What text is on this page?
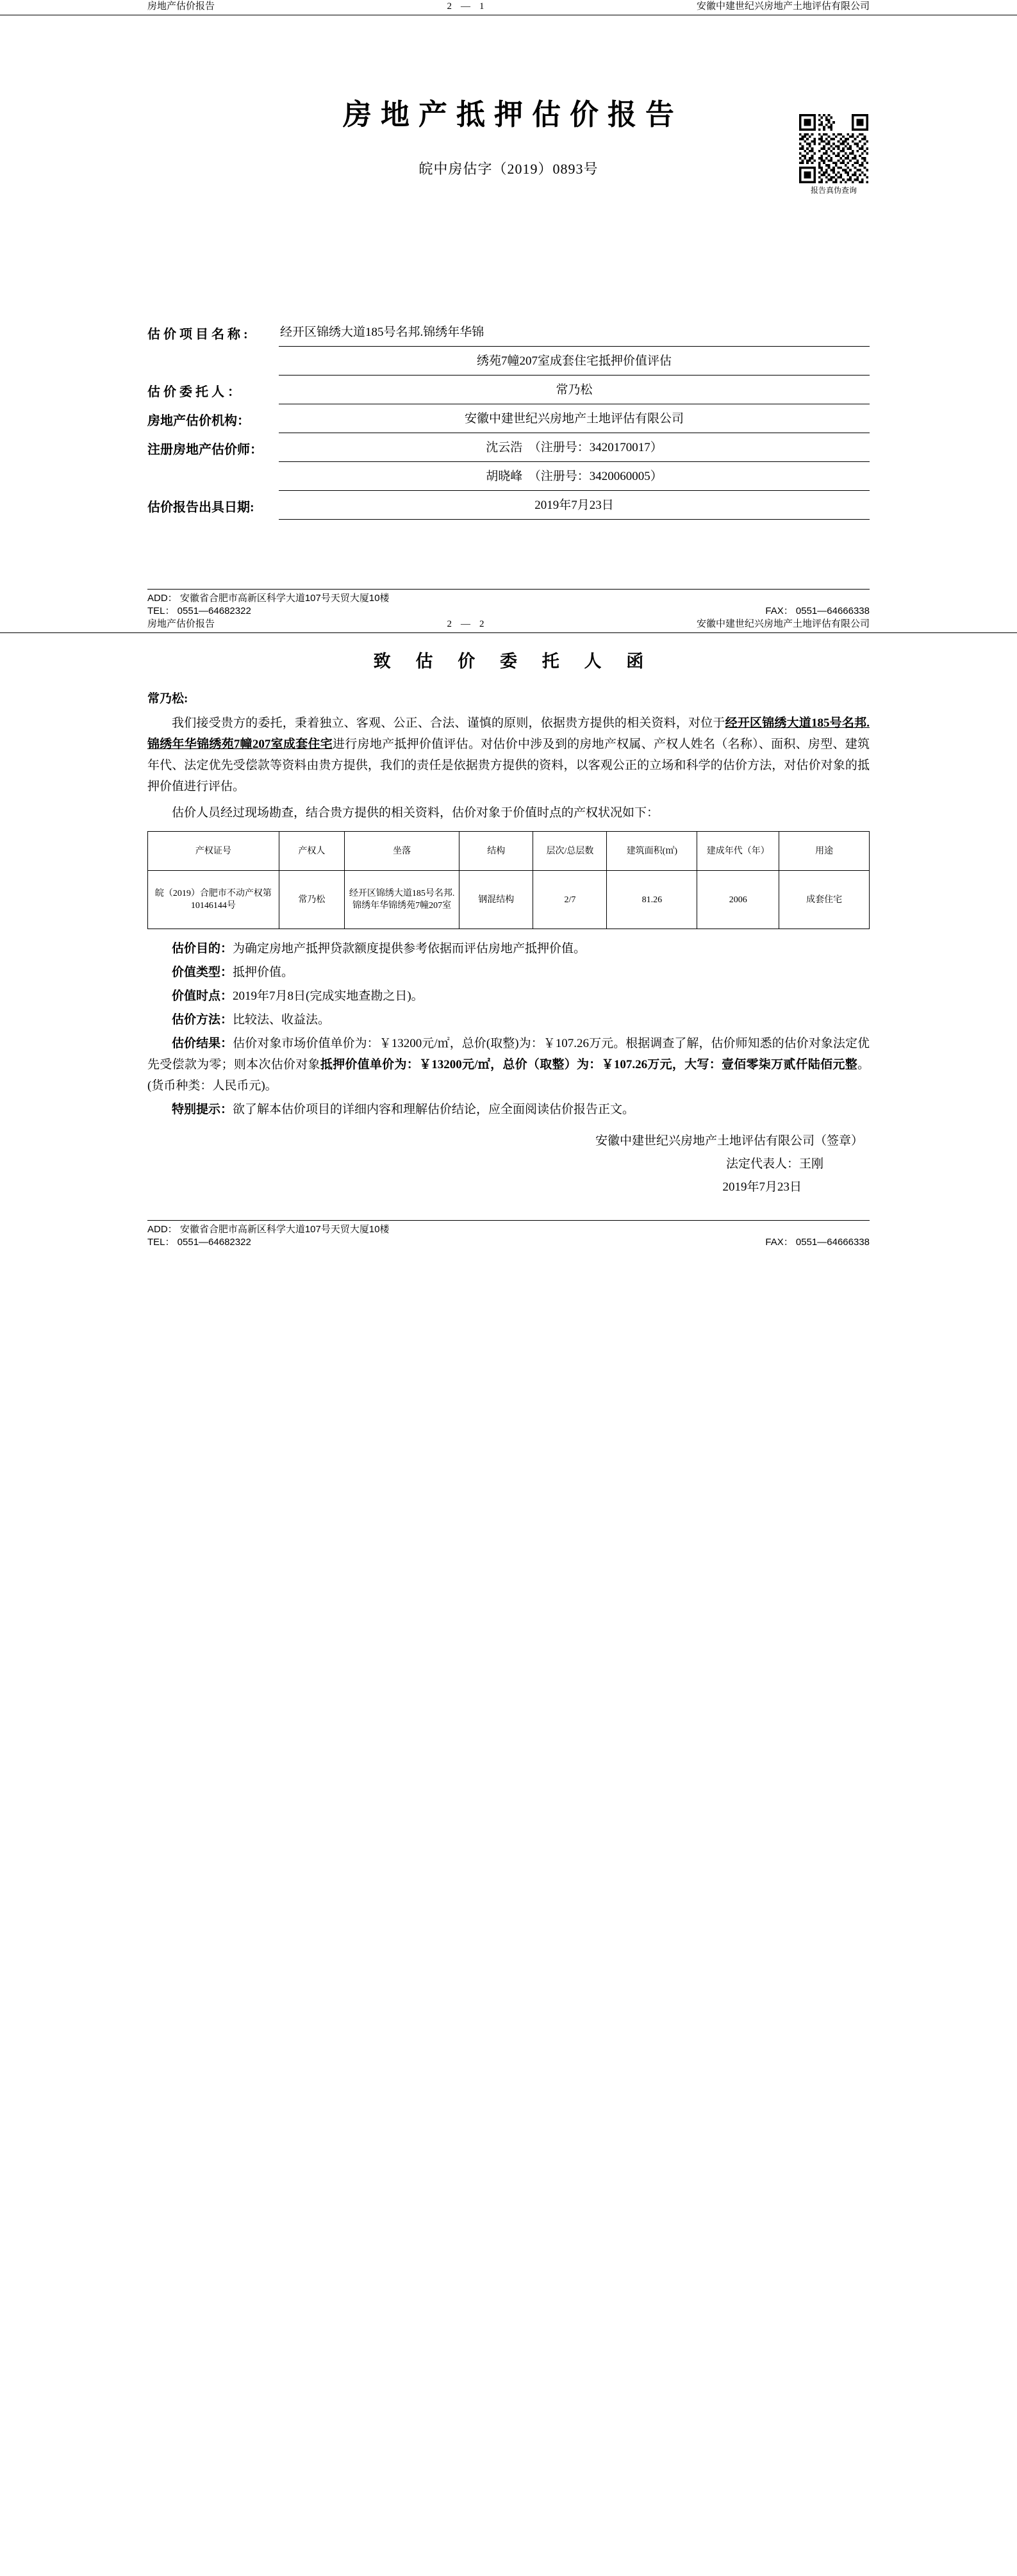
房地产估价报告	2—1	安徽中建世纪兴房地产土地评估有限公司
报告真伪查询
房地产抵押估价报告
皖中房估字（2019）0893号
估 价 项 目 名 称 :	经开区锦绣大道185号名邦.锦绣年华锦
绣苑7幢207室成套住宅抵押价值评估
估 价 委 托 人 ：	常乃松
房地产估价机构：	安徽中建世纪兴房地产土地评估有限公司
注册房地产估价师：	沈云浩　（注册号：3420170017）
胡晓峰　（注册号：3420060005）
估价报告出具日期:	2019年7月23日
ADD： 安徽省合肥市高新区科学大道107号天贸大厦10楼
TEL： 0551—64682322	FAX： 0551—64666338
房地产估价报告	2—2	安徽中建世纪兴房地产土地评估有限公司
致 估 价 委 托 人 函
常乃松:

我们接受贵方的委托，秉着独立、客观、公正、合法、谨慎的原则，依据贵方提供的相关资料，对位于经开区锦绣大道185号名邦.锦绣年华锦绣苑7幢207室成套住宅进行房地产抵押价值评估。对估价中涉及到的房地产权属、产权人姓名（名称）、面积、房型、建筑年代、法定优先受偿款等资料由贵方提供，我们的责任是依据贵方提供的资料，以客观公正的立场和科学的估价方法，对估价对象的抵押价值进行评估。

估价人员经过现场勘查，结合贵方提供的相关资料，估价对象于价值时点的产权状况如下：

产权证号	产权人	坐落	结构	层次/总层数	建筑面积(㎡)	建成年代（年）	用途
皖（2019）合肥市不动产权第10146144号	常乃松	经开区锦绣大道185号名邦.锦绣年华锦绣苑7幢207室	钢混结构	2/7	81.26	2006	成套住宅

估价目的：为确定房地产抵押贷款额度提供参考依据而评估房地产抵押价值。

价值类型：抵押价值。

价值时点：2019年7月8日(完成实地查勘之日)。

估价方法：比较法、收益法。

估价结果：估价对象市场价值单价为：￥13200元/㎡，总价(取整)为：￥107.26万元。根据调查了解，估价师知悉的估价对象法定优先受偿款为零；则本次估价对象抵押价值单价为：￥13200元/㎡，总价（取整）为：￥107.26万元，大写：壹佰零柒万贰仟陆佰元整。(货币种类：人民币元)。

特别提示：欲了解本估价项目的详细内容和理解估价结论，应全面阅读估价报告正文。

安徽中建世纪兴房地产土地评估有限公司（签章）
法定代表人：王刚
2019年7月23日
ADD： 安徽省合肥市高新区科学大道107号天贸大厦10楼
TEL： 0551—64682322	FAX： 0551—64666338
